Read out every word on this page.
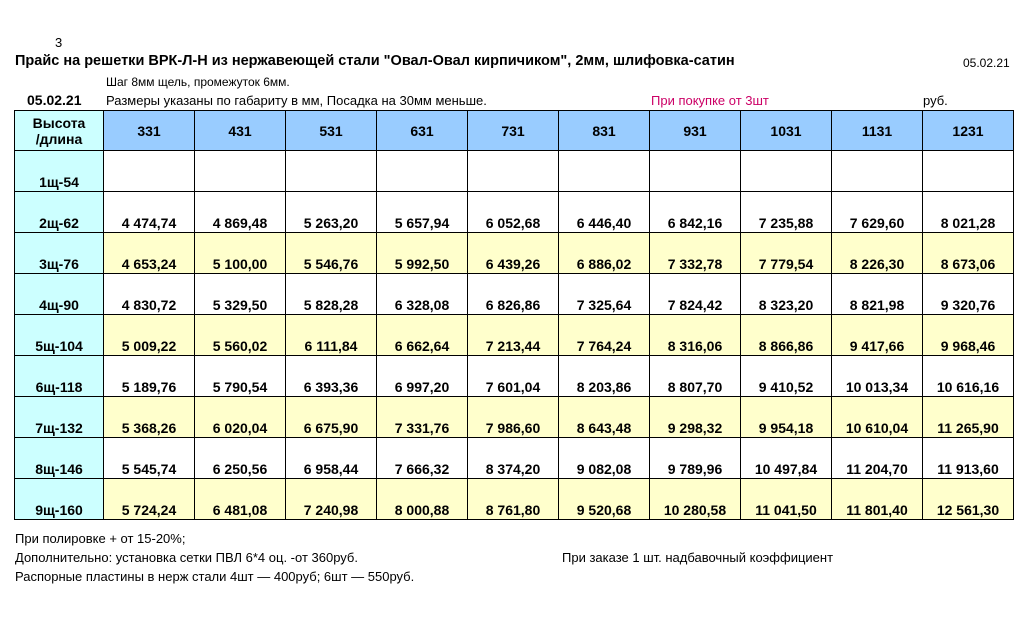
3
Прайс на решетки ВРК-Л-Н из нержавеющей стали "Овал-Овал кирпичиком", 2мм, шлифовка-сатин	05.02.21
Шаг 8мм щель, промежуток 6мм.
05.02.21 Размеры указаны по габариту в мм, Посадка на 30мм меньше.	При покупке от 3шт	руб.
Высота
/длина	331	431	531	631	731	831	931	1031	1131	1231
1щ-54										
2щ-62	4 474,74	4 869,48	5 263,20	5 657,94	6 052,68	6 446,40	6 842,16	7 235,88	7 629,60	8 021,28
3щ-76	4 653,24	5 100,00	5 546,76	5 992,50	6 439,26	6 886,02	7 332,78	7 779,54	8 226,30	8 673,06
4щ-90	4 830,72	5 329,50	5 828,28	6 328,08	6 826,86	7 325,64	7 824,42	8 323,20	8 821,98	9 320,76
5щ-104	5 009,22	5 560,02	6 111,84	6 662,64	7 213,44	7 764,24	8 316,06	8 866,86	9 417,66	9 968,46
6щ-118	5 189,76	5 790,54	6 393,36	6 997,20	7 601,04	8 203,86	8 807,70	9 410,52	10 013,34	10 616,16
7щ-132	5 368,26	6 020,04	6 675,90	7 331,76	7 986,60	8 643,48	9 298,32	9 954,18	10 610,04	11 265,90
8щ-146	5 545,74	6 250,56	6 958,44	7 666,32	8 374,20	9 082,08	9 789,96	10 497,84	11 204,70	11 913,60
9щ-160	5 724,24	6 481,08	7 240,98	8 000,88	8 761,80	9 520,68	10 280,58	11 041,50	11 801,40	12 561,30
При полировке + от 15-20%;
Дополнительно: установка сетки ПВЛ 6*4 оц. -от 360руб.
Распорные пластины в нерж стали 4шт — 400руб; 6шт — 550руб.
При заказе 1 шт. надбавочный коэффициент
